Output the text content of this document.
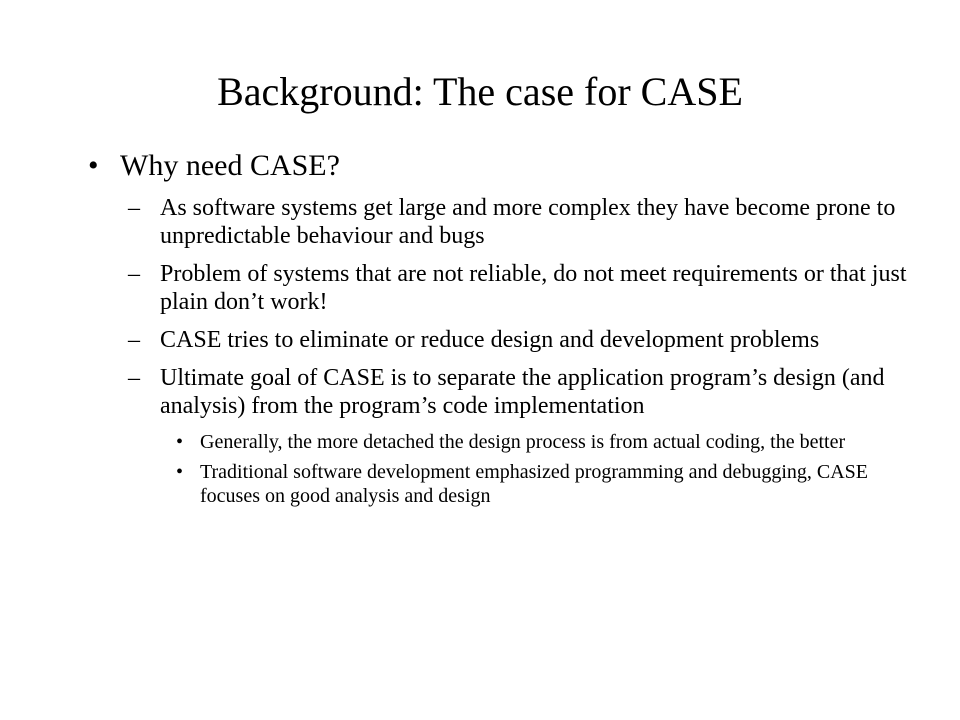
Background: The case for CASE
• Why need CASE?
– As software systems get large and more complex they have become prone to unpredictable behaviour and bugs
– Problem of systems that are not reliable, do not meet requirements or that just plain don’t work!
– CASE tries to eliminate or reduce design and development problems
– Ultimate goal of CASE is to separate the application program’s design (and analysis) from the program’s code implementation
• Generally, the more detached the design process is from actual coding, the better
• Traditional software development emphasized programming and debugging, CASE focuses on good analysis and design
